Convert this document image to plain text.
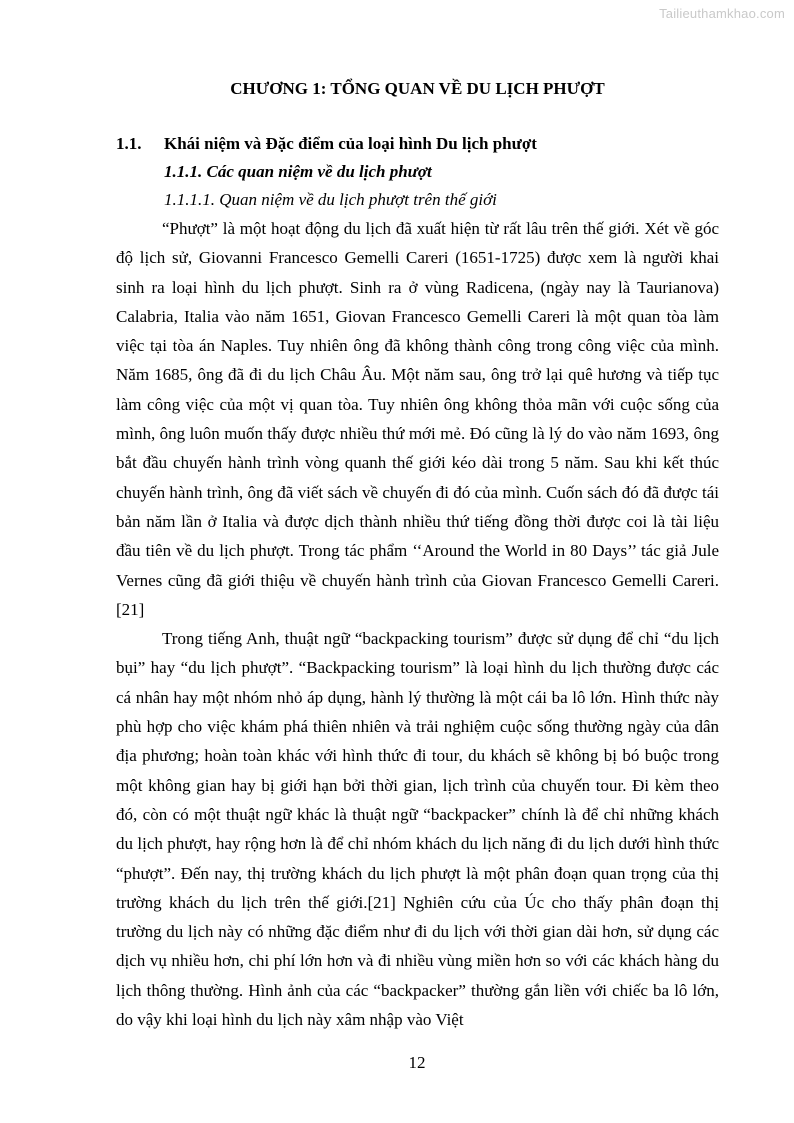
Tailieuthamkhao.com
CHƯƠNG 1: TỔNG QUAN VỀ DU LỊCH PHƯỢT
1.1. Khái niệm và Đặc điểm của loại hình Du lịch phượt
1.1.1. Các quan niệm về du lịch phượt
1.1.1.1. Quan niệm về du lịch phượt trên thế giới

“Phượt” là một hoạt động du lịch đã xuất hiện từ rất lâu trên thế giới. Xét về góc độ lịch sử, Giovanni Francesco Gemelli Careri (1651-1725) được xem là người khai sinh ra loại hình du lịch phượt. Sinh ra ở vùng Radicena, (ngày nay là Taurianova) Calabria, Italia vào năm 1651, Giovan Francesco Gemelli Careri là một quan tòa làm việc tại tòa án Naples. Tuy nhiên ông đã không thành công trong công việc của mình. Năm 1685, ông đã đi du lịch Châu Âu. Một năm sau, ông trở lại quê hương và tiếp tục làm công việc của một vị quan tòa. Tuy nhiên ông không thỏa mãn với cuộc sống của mình, ông luôn muốn thấy được nhiều thứ mới mẻ. Đó cũng là lý do vào năm 1693, ông bắt đầu chuyến hành trình vòng quanh thế giới kéo dài trong 5 năm. Sau khi kết thúc chuyến hành trình, ông đã viết sách về chuyến đi đó của mình. Cuốn sách đó đã được tái bản năm lần ở Italia và được dịch thành nhiều thứ tiếng đồng thời được coi là tài liệu đầu tiên về du lịch phượt. Trong tác phẩm ‘‘Around the World in 80 Days’’ tác giả Jule Vernes cũng đã giới thiệu về chuyến hành trình của Giovan Francesco Gemelli Careri.[21]

Trong tiếng Anh, thuật ngữ “backpacking tourism” được sử dụng để chỉ “du lịch bụi” hay “du lịch phượt”. “Backpacking tourism” là loại hình du lịch thường được các cá nhân hay một nhóm nhỏ áp dụng, hành lý thường là một cái ba lô lớn. Hình thức này phù hợp cho việc khám phá thiên nhiên và trải nghiệm cuộc sống thường ngày của dân địa phương; hoàn toàn khác với hình thức đi tour, du khách sẽ không bị bó buộc trong một không gian hay bị giới hạn bởi thời gian, lịch trình của chuyến tour. Đi kèm theo đó, còn có một thuật ngữ khác là thuật ngữ “backpacker” chính là để chỉ những khách du lịch phượt, hay rộng hơn là để chỉ nhóm khách du lịch năng đi du lịch dưới hình thức “phượt”. Đến nay, thị trường khách du lịch phượt là một phân đoạn quan trọng của thị trường khách du lịch trên thế giới.[21] Nghiên cứu của Úc cho thấy phân đoạn thị trường du lịch này có những đặc điểm như đi du lịch với thời gian dài hơn, sử dụng các dịch vụ nhiều hơn, chi phí lớn hơn và đi nhiều vùng miền hơn so với các khách hàng du lịch thông thường. Hình ảnh của các “backpacker” thường gắn liền với chiếc ba lô lớn, do vậy khi loại hình du lịch này xâm nhập vào Việt

12
